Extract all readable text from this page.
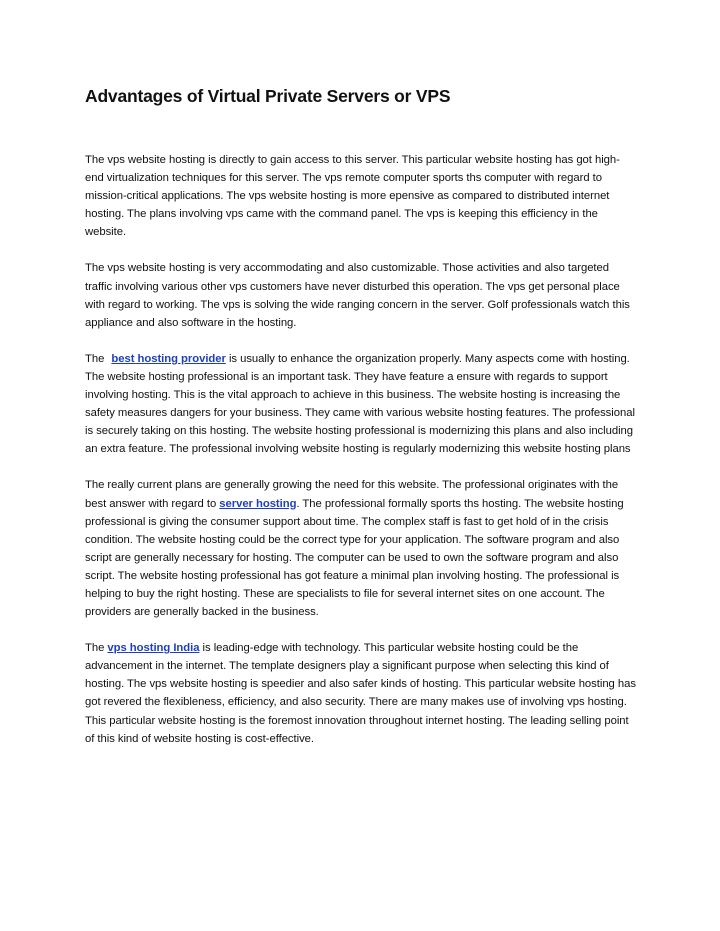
Advantages of Virtual Private Servers or VPS

The vps website hosting is directly to gain access to this server. This particular website hosting has got high-end virtualization techniques for this server. The vps remote computer sports ths computer with regard to mission-critical applications. The vps website hosting is more epensive as compared to distributed internet hosting. The plans involving vps came with the command panel. The vps is keeping this efficiency in the website.

The vps website hosting is very accommodating and also customizable. Those activities and also targeted traffic involving various other vps customers have never disturbed this operation. The vps get personal place with regard to working. The vps is solving the wide ranging concern in the server. Golf professionals watch this appliance and also software in the hosting.

The best hosting provider is usually to enhance the organization properly. Many aspects come with hosting. The website hosting professional is an important task. They have feature a ensure with regards to support involving hosting. This is the vital approach to achieve in this business. The website hosting is increasing the safety measures dangers for your business. They came with various website hosting features. The professional is securely taking on this hosting. The website hosting professional is modernizing this plans and also including an extra feature. The professional involving website hosting is regularly modernizing this website hosting plans

The really current plans are generally growing the need for this website. The professional originates with the best answer with regard to server hosting. The professional formally sports ths hosting. The website hosting professional is giving the consumer support about time. The complex staff is fast to get hold of in the crisis condition. The website hosting could be the correct type for your application. The software program and also script are generally necessary for hosting. The computer can be used to own the software program and also script. The website hosting professional has got feature a minimal plan involving hosting. The professional is helping to buy the right hosting. These are specialists to file for several internet sites on one account. The providers are generally backed in the business.

The vps hosting India is leading-edge with technology. This particular website hosting could be the advancement in the internet. The template designers play a significant purpose when selecting this kind of hosting. The vps website hosting is speedier and also safer kinds of hosting. This particular website hosting has got revered the flexibleness, efficiency, and also security. There are many makes use of involving vps hosting. This particular website hosting is the foremost innovation throughout internet hosting. The leading selling point of this kind of website hosting is cost-effective.
